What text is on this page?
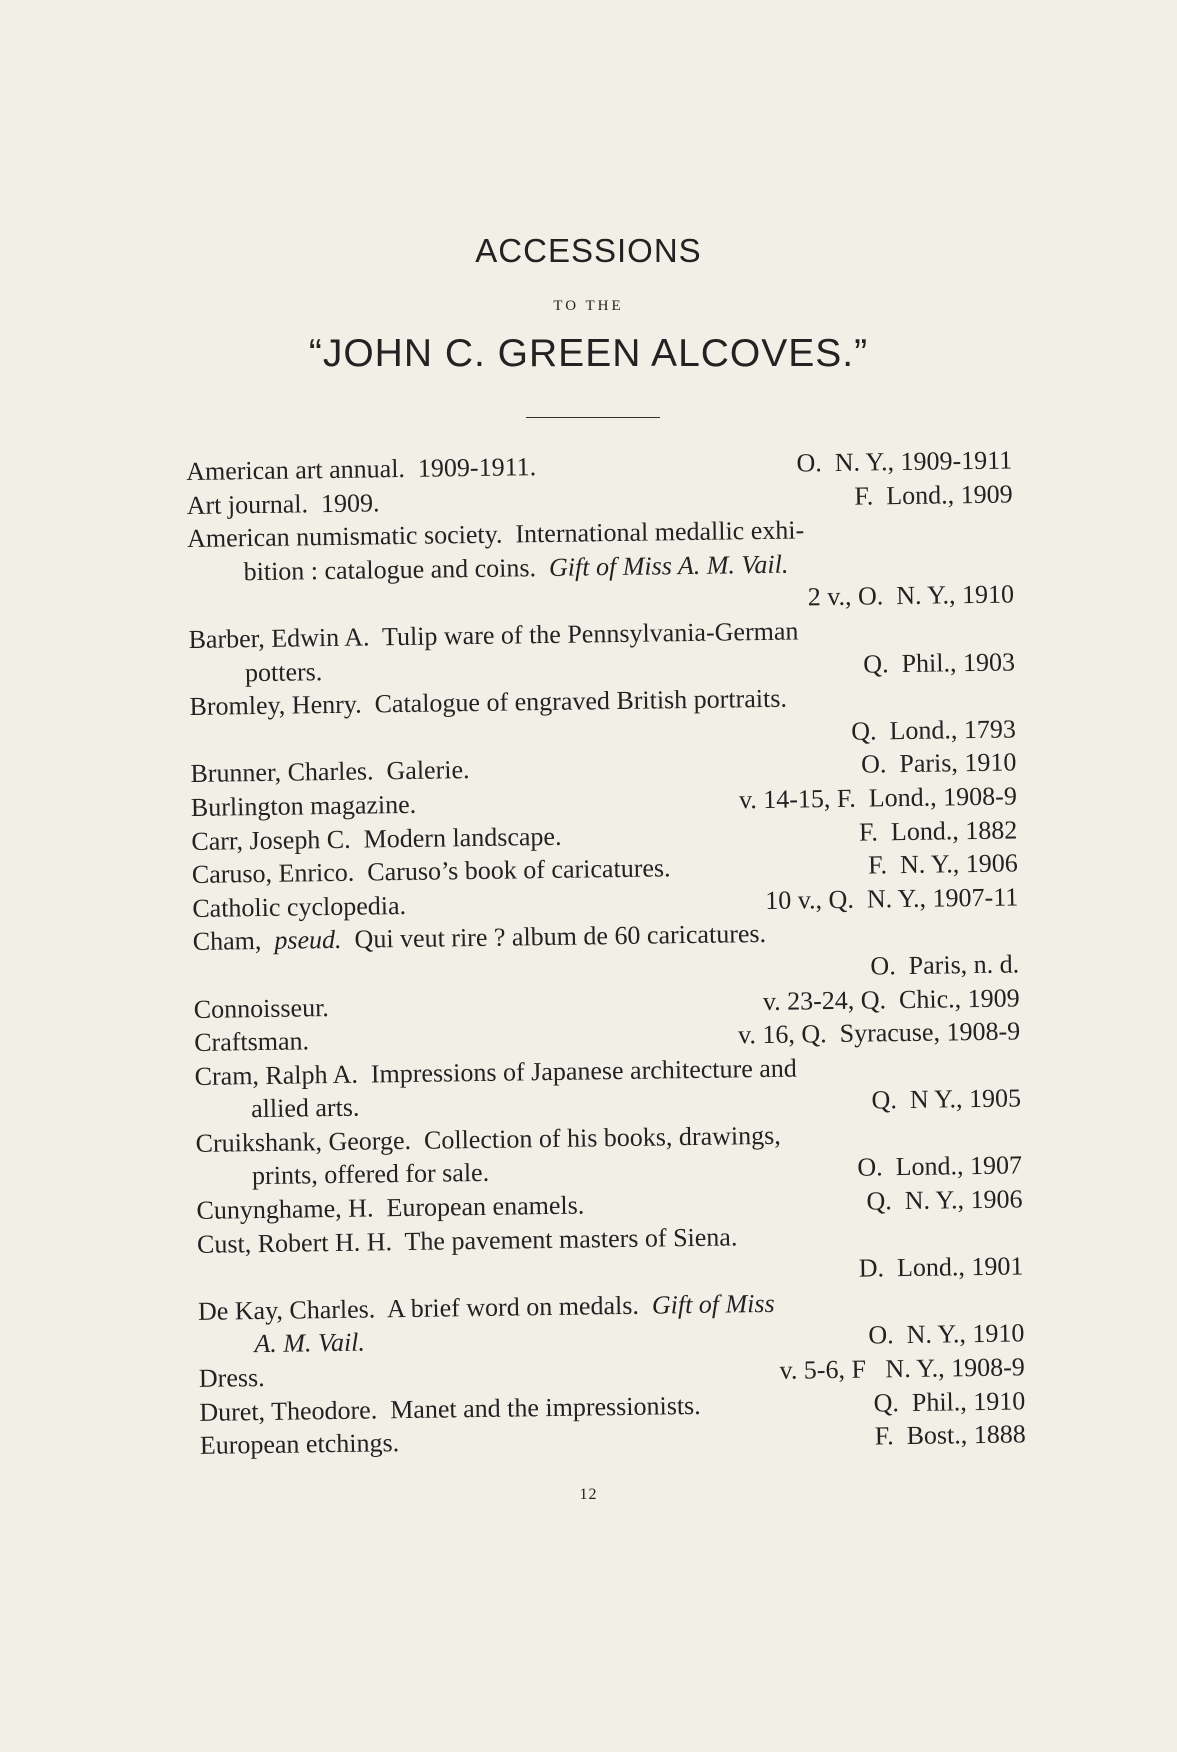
ACCESSIONS
TO THE
“JOHN C. GREEN ALCOVES.”
American art annual.  1909-1911.	O.  N. Y., 1909-1911
Art journal.  1909.	F.  Lond., 1909
American numismatic society.  International medallic exhi-
bition : catalogue and coins. Gift of Miss A. M. Vail.
2 v., O.  N. Y., 1910
Barber, Edwin A.  Tulip ware of the Pennsylvania-German
potters.	Q.  Phil., 1903
Bromley, Henry.  Catalogue of engraved British portraits.
Q.  Lond., 1793
Brunner, Charles.  Galerie.	O.  Paris, 1910
Burlington magazine.	v. 14-15, F.  Lond., 1908-9
Carr, Joseph C.  Modern landscape.	F.  Lond., 1882
Caruso, Enrico.  Caruso’s book of caricatures.	F.  N. Y., 1906
Catholic cyclopedia.	10 v., Q.  N. Y., 1907-11
Cham, pseud. Qui veut rire ? album de 60 caricatures.
O.  Paris, n. d.
Connoisseur.	v. 23-24, Q.  Chic., 1909
Craftsman.	v. 16, Q.  Syracuse, 1908-9
Cram, Ralph A.  Impressions of Japanese architecture and
allied arts.	Q.  N Y., 1905
Cruikshank, George.  Collection of his books, drawings,
prints, offered for sale.	O.  Lond., 1907
Cunynghame, H.  European enamels.	Q.  N. Y., 1906
Cust, Robert H. H.  The pavement masters of Siena.
D.  Lond., 1901
De Kay, Charles.  A brief word on medals. Gift of Miss
A. M. Vail.	O.  N. Y., 1910
Dress.	v. 5-6, F   N. Y., 1908-9
Duret, Theodore.  Manet and the impressionists.	Q.  Phil., 1910
European etchings.	F.  Bost., 1888
12
